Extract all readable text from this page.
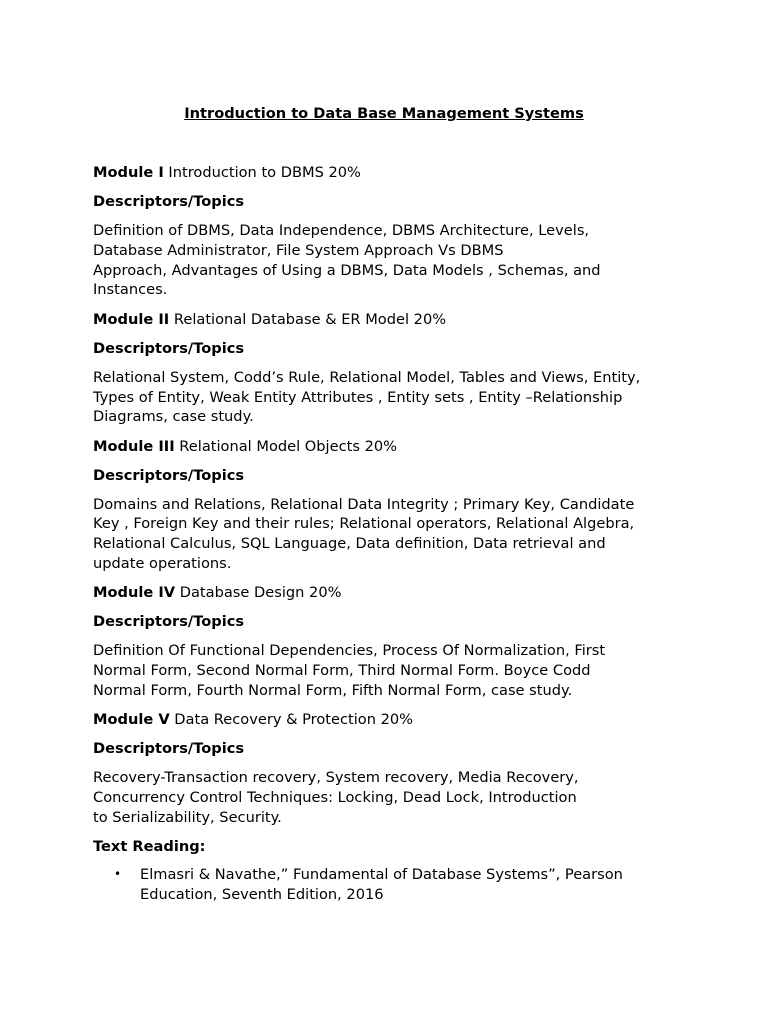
Introduction to Data Base Management Systems

Module I Introduction to DBMS 20%

Descriptors/Topics

Definition of DBMS, Data Independence, DBMS Architecture, Levels,
Database Administrator, File System Approach Vs DBMS
Approach, Advantages of Using a DBMS, Data Models , Schemas, and
Instances.

Module II Relational Database & ER Model 20%

Descriptors/Topics

Relational System, Codd’s Rule, Relational Model, Tables and Views, Entity,
Types of Entity, Weak Entity Attributes , Entity sets , Entity –Relationship
Diagrams, case study.

Module III Relational Model Objects 20%

Descriptors/Topics

Domains and Relations, Relational Data Integrity ; Primary Key, Candidate
Key , Foreign Key and their rules; Relational operators, Relational Algebra,
Relational Calculus, SQL Language, Data definition, Data retrieval and
update operations.

Module IV Database Design 20%

Descriptors/Topics

Definition Of Functional Dependencies, Process Of Normalization, First
Normal Form, Second Normal Form, Third Normal Form. Boyce Codd
Normal Form, Fourth Normal Form, Fifth Normal Form, case study.

Module V Data Recovery & Protection 20%

Descriptors/Topics

Recovery-Transaction recovery, System recovery, Media Recovery,
Concurrency Control Techniques: Locking, Dead Lock, Introduction
to Serializability, Security.

Text Reading:

• Elmasri & Navathe,” Fundamental of Database Systems”, Pearson
Education, Seventh Edition, 2016
